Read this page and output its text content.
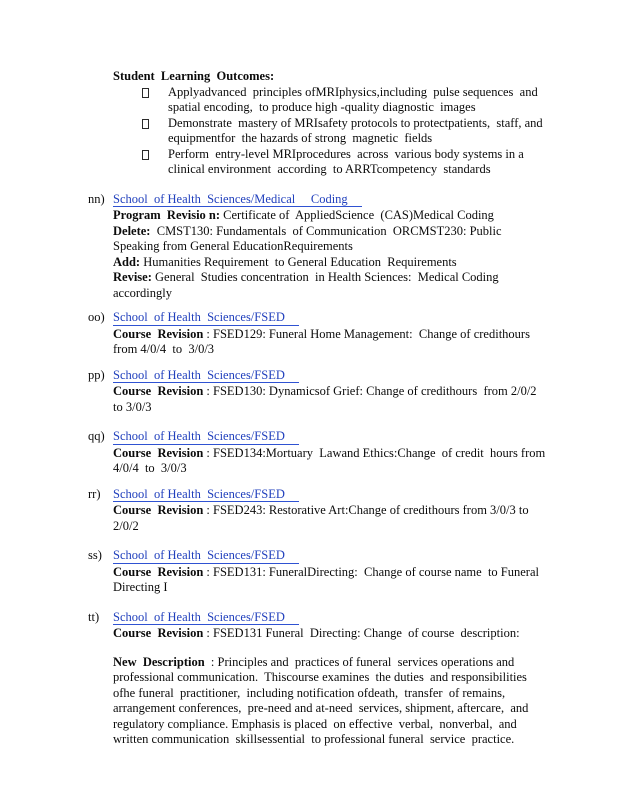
Student  Learning  Outcomes:
Applyadvanced  principles ofMRIphysics,including  pulse sequences  and spatial encoding,  to produce high -quality diagnostic  images
Demonstrate  mastery of MRIsafety protocols to protectpatients,  staff, and equipmentfor  the hazards of strong  magnetic  fields
Perform  entry-level MRIprocedures  across  various body systems in a clinical environment  according  to ARRTcompetency  standards
nn) School  of Health  Sciences/Medical     Coding

Program  Revisio n: Certificate of  AppliedScience  (CAS)Medical Coding

Delete:  CMST130: Fundamentals  of Communication  ORCMST230: Public Speaking from General EducationRequirements

Add: Humanities Requirement  to General Education  Requirements

Revise: General  Studies concentration  in Health Sciences:  Medical Coding accordingly

oo) School  of Health  Sciences/FSED

Course  Revision : FSED129: Funeral Home Management:  Change of credithours  from 4/0/4  to  3/0/3

pp) School  of Health  Sciences/FSED

Course  Revision : FSED130: Dynamicsof Grief: Change of credithours  from 2/0/2  to 3/0/3

qq) School  of Health  Sciences/FSED

Course  Revision : FSED134:Mortuary  Lawand Ethics:Change  of credit  hours from 4/0/4  to  3/0/3

rr) School  of Health  Sciences/FSED

Course  Revision : FSED243: Restorative Art:Change of credithours from 3/0/3 to  2/0/2

ss) School  of Health  Sciences/FSED

Course  Revision : FSED131: FuneralDirecting:  Change of course name  to Funeral Directing I

tt) School  of Health  Sciences/FSED

Course  Revision : FSED131 Funeral  Directing: Change  of course  description:

New  Description  : Principles and  practices of funeral  services operations and professional communication.  Thiscourse examines  the duties  and responsibilities ofhe funeral  practitioner,  including notification ofdeath,  transfer  of remains,  arrangement conferences,  pre-need and at-need  services, shipment, aftercare,  and regulatory compliance. Emphasis is placed  on effective  verbal,  nonverbal,  and  written communication  skillsessential  to professional funeral  service  practice.
